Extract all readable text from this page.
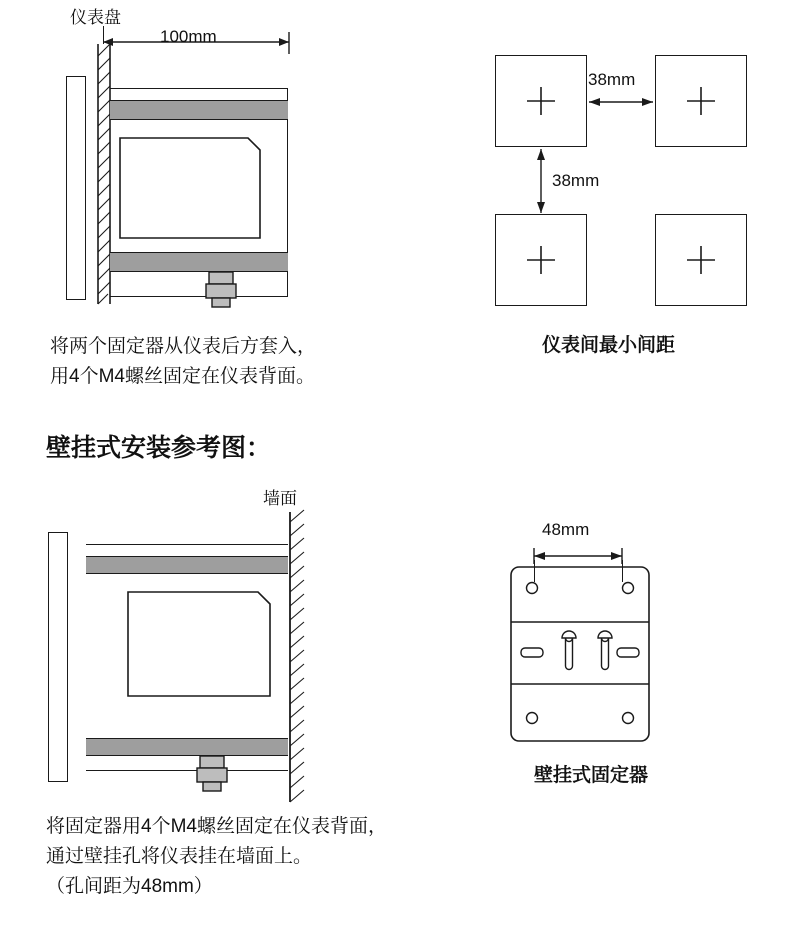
仪表盘
100mm
将两个固定器从仪表后方套入，
用4个M4螺丝固定在仪表背面。
38mm
38mm
仪表间最小间距
壁挂式安装参考图：
墙面
48mm
壁挂式固定器
将固定器用4个M4螺丝固定在仪表背面，
通过壁挂孔将仪表挂在墙面上。
（孔间距为48mm）
